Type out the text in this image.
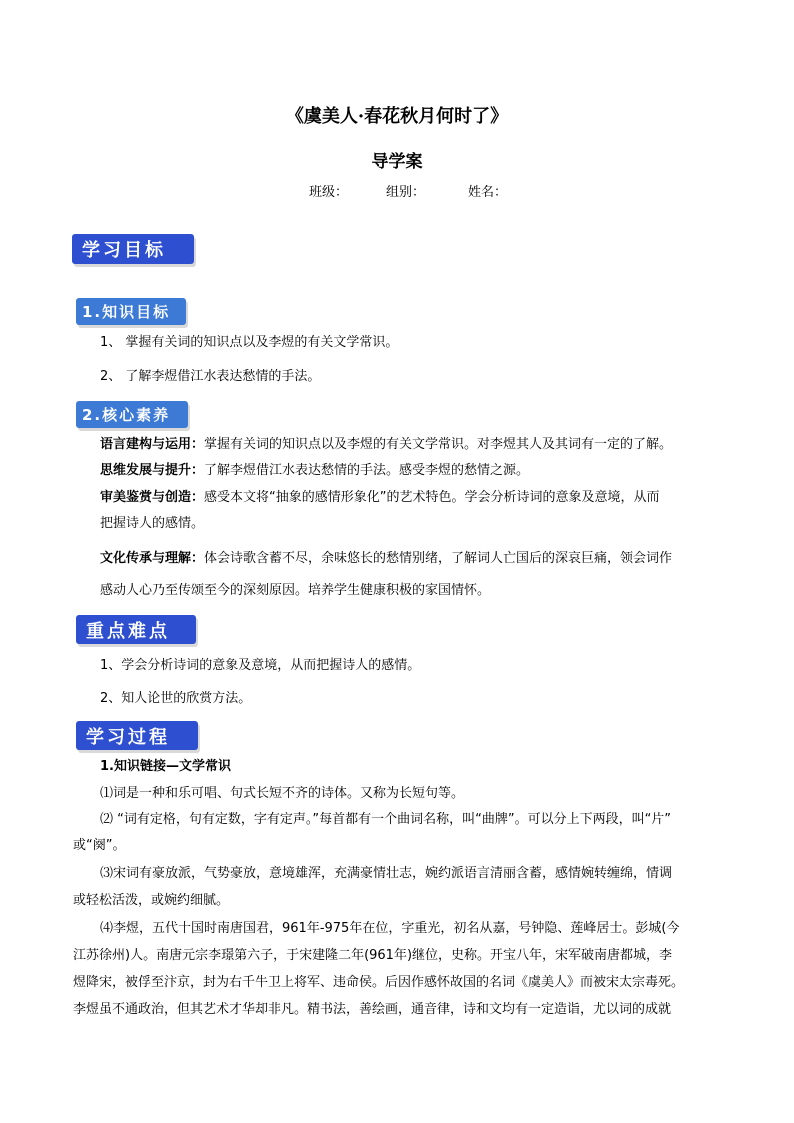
《虞美人·春花秋月何时了》
导学案
班级：	组别：	姓名：
学习目标
1.知识目标
1、 掌握有关词的知识点以及李煜的有关文学常识。
2、 了解李煜借江水表达愁情的手法。
2.核心素养
语言建构与运用：掌握有关词的知识点以及李煜的有关文学常识。对李煜其人及其词有一定的了解。
思维发展与提升：了解李煜借江水表达愁情的手法。感受李煜的愁情之源。
审美鉴赏与创造：感受本文将“抽象的感情形象化”的艺术特色。学会分析诗词的意象及意境，从而
把握诗人的感情。
文化传承与理解：体会诗歌含蓄不尽，余味悠长的愁情别绪，了解词人亡国后的深哀巨痛，领会词作
感动人心乃至传颂至今的深刻原因。培养学生健康积极的家国情怀。
重点难点
1、学会分析诗词的意象及意境，从而把握诗人的感情。
2、知人论世的欣赏方法。
学习过程
1.知识链接—文学常识
⑴词是一种和乐可唱、句式长短不齐的诗体。又称为长短句等。
⑵ “词有定格，句有定数，字有定声。”每首都有一个曲词名称，叫“曲牌”。可以分上下两段，叫“片”
或“阕”。
⑶宋词有豪放派，气势豪放，意境雄浑，充满豪情壮志，婉约派语言清丽含蓄，感情婉转缠绵，情调
或轻松活泼，或婉约细腻。
⑷李煜，五代十国时南唐国君，961年-975年在位，字重光，初名从嘉，号钟隐、莲峰居士。彭城(今
江苏徐州)人。南唐元宗李璟第六子，于宋建隆二年(961年)继位，史称。开宝八年，宋军破南唐都城，李
煜降宋，被俘至汴京，封为右千牛卫上将军、违命侯。后因作感怀故国的名词《虞美人》而被宋太宗毒死。
李煜虽不通政治，但其艺术才华却非凡。精书法，善绘画，通音律，诗和文均有一定造诣，尤以词的成就
